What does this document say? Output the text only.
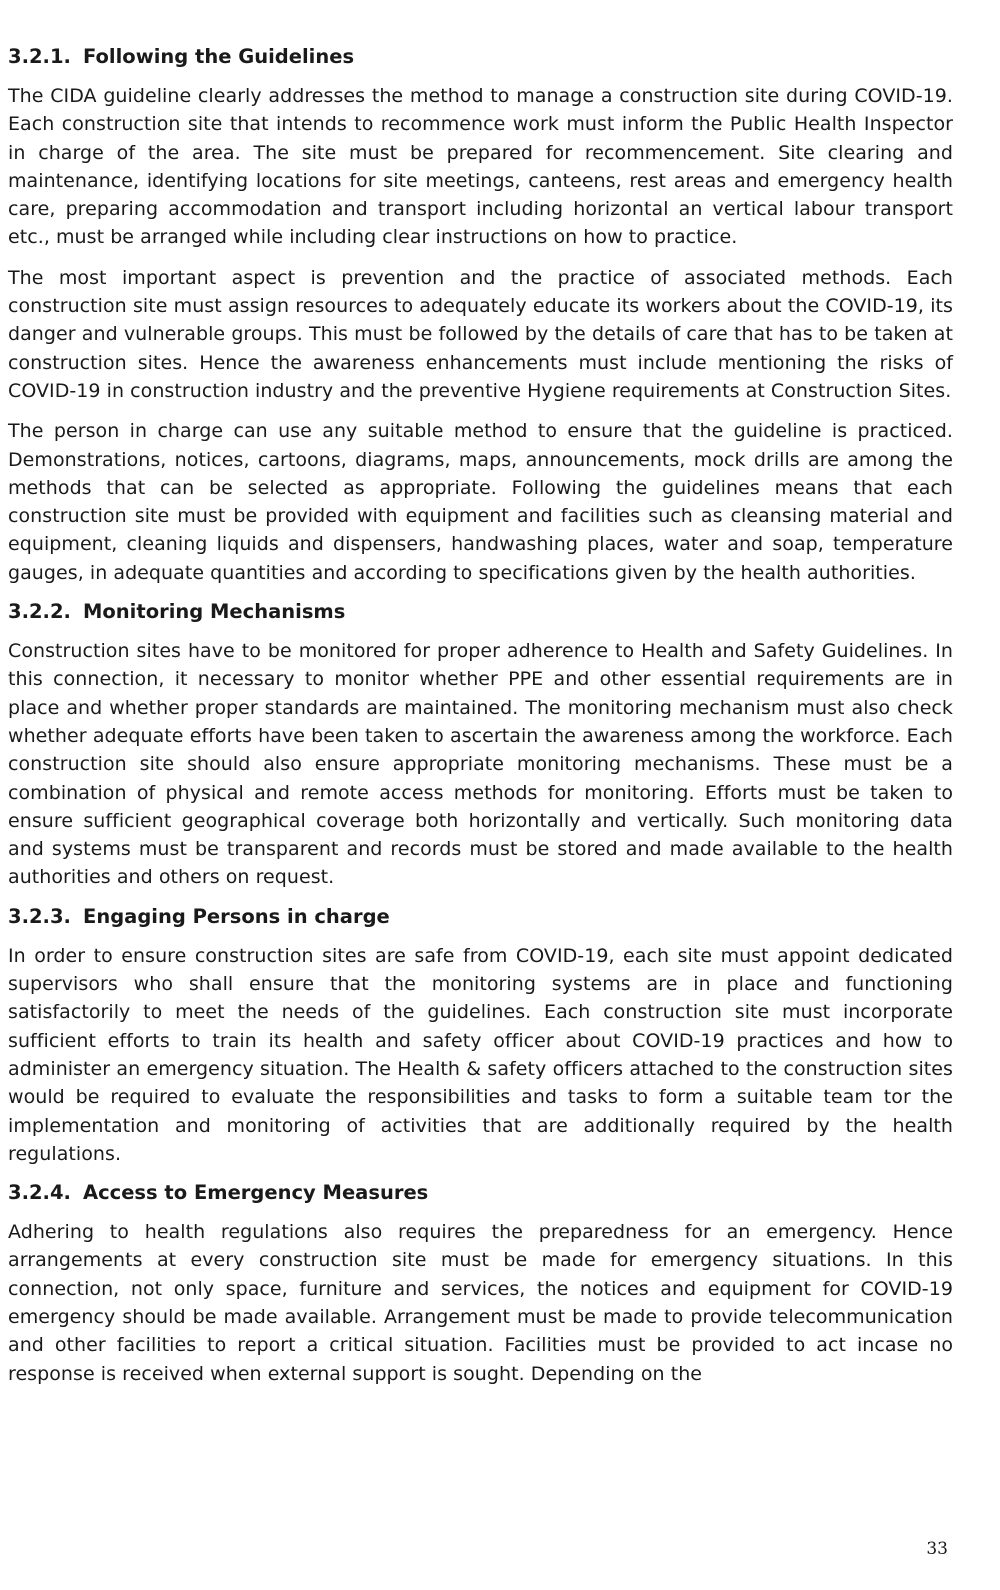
3.2.1. Following the Guidelines

The CIDA guideline clearly addresses the method to manage a construction site during COVID-19. Each construction site that intends to recommence work must inform the Public Health Inspector in charge of the area. The site must be prepared for recommencement. Site clearing and maintenance, identifying locations for site meetings, canteens, rest areas and emergency health care, preparing accommodation and transport including horizontal an vertical labour transport etc., must be arranged while including clear instructions on how to practice.

The most important aspect is prevention and the practice of associated methods. Each construction site must assign resources to adequately educate its workers about the COVID-19, its danger and vulnerable groups. This must be followed by the details of care that has to be taken at construction sites. Hence the awareness enhancements must include mentioning the risks of COVID-19 in construction industry and the preventive Hygiene requirements at Construction Sites.

The person in charge can use any suitable method to ensure that the guideline is practiced. Demonstrations, notices, cartoons, diagrams, maps, announcements, mock drills are among the methods that can be selected as appropriate. Following the guidelines means that each construction site must be provided with equipment and facilities such as cleansing material and equipment, cleaning liquids and dispensers, handwashing places, water and soap, temperature gauges, in adequate quantities and according to specifications given by the health authorities.

3.2.2. Monitoring Mechanisms

Construction sites have to be monitored for proper adherence to Health and Safety Guidelines. In this connection, it necessary to monitor whether PPE and other essential requirements are in place and whether proper standards are maintained. The monitoring mechanism must also check whether adequate efforts have been taken to ascertain the awareness among the workforce. Each construction site should also ensure appropriate monitoring mechanisms. These must be a combination of physical and remote access methods for monitoring. Efforts must be taken to ensure sufficient geographical coverage both horizontally and vertically. Such monitoring data and systems must be transparent and records must be stored and made available to the health authorities and others on request.

3.2.3. Engaging Persons in charge

In order to ensure construction sites are safe from COVID-19, each site must appoint dedicated supervisors who shall ensure that the monitoring systems are in place and functioning satisfactorily to meet the needs of the guidelines. Each construction site must incorporate sufficient efforts to train its health and safety officer about COVID-19 practices and how to administer an emergency situation. The Health & safety officers attached to the construction sites would be required to evaluate the responsibilities and tasks to form a suitable team tor the implementation and monitoring of activities that are additionally required by the health regulations.

3.2.4. Access to Emergency Measures

Adhering to health regulations also requires the preparedness for an emergency. Hence arrangements at every construction site must be made for emergency situations. In this connection, not only space, furniture and services, the notices and equipment for COVID-19 emergency should be made available. Arrangement must be made to provide telecommunication and other facilities to report a critical situation. Facilities must be provided to act incase no response is received when external support is sought. Depending on the

33
